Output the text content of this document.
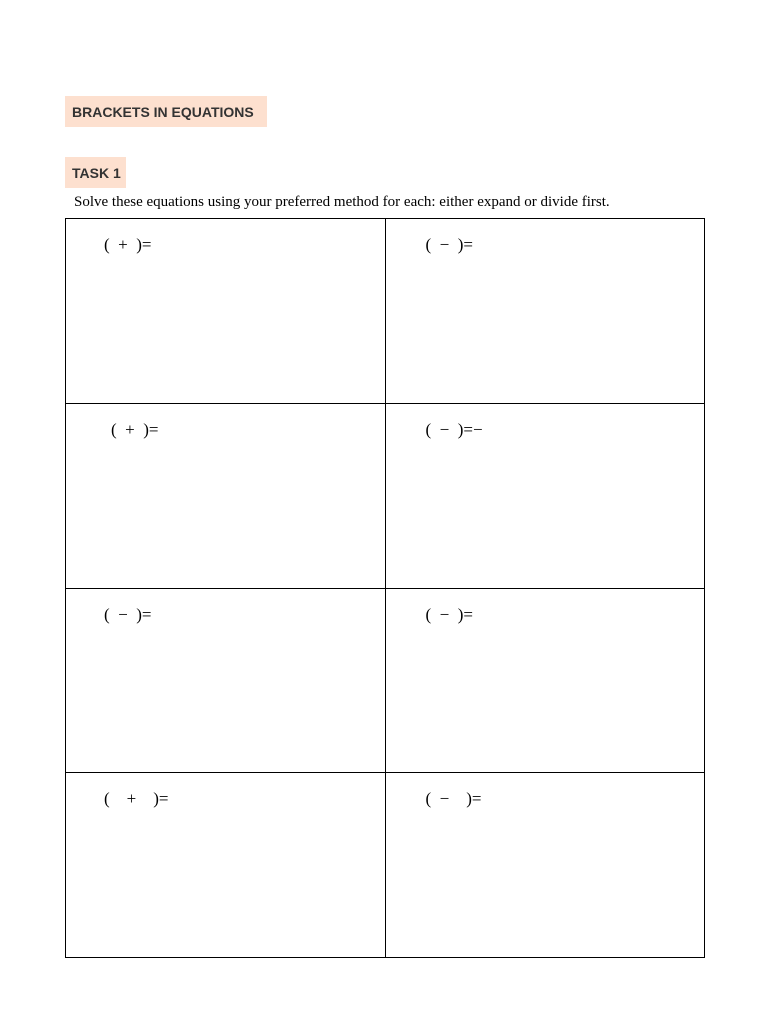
BRACKETS IN EQUATIONS
TASK 1
Solve these equations using your preferred method for each: either expand or divide first.
(  +  )=	(  −  )=

(  +  )=	(  −  )=−

(  −  )=	(  −  )=

(    +    )=	(  −    )=
